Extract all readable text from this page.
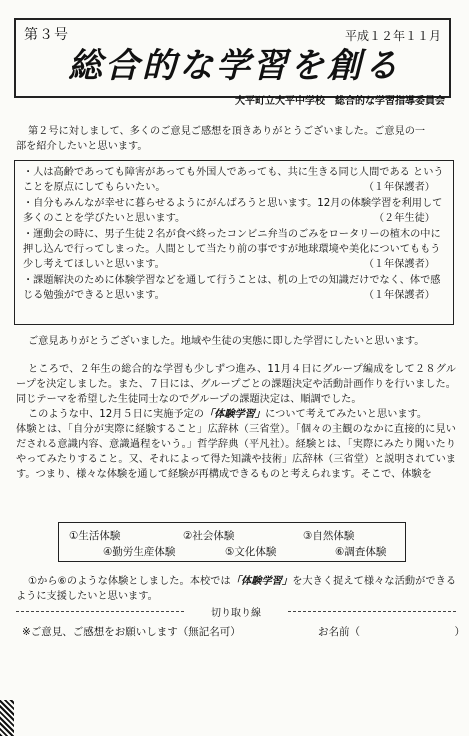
第３号	平成１２年１１月
総合的な学習を創る
大平町立大平中学校　総合的な学習指導委員会

第２号に対しまして、多くのご意見ご感想を頂きありがとうございました。ご意見の一

部を紹介したいと思います。

・人は高齢であっても障害があっても外国人であっても、共に生きる同じ人間である ということを原点にしてもらいたい。	（１年保護者）

・自分もみんなが幸せに暮らせるようにがんばろうと思います。12月の体験学習を利用して多くのことを学びたいと思います。	（２年生徒）

・運動会の時に、男子生徒２名が食べ終ったコンビニ弁当のごみをロータリーの植木の中に押し込んで行ってしまった。人間として当たり前の事ですが地球環境や美化についてももう少し考えてほしいと思います。	（１年保護者）

・課題解決のために体験学習などを通して行うことは、机の上での知識だけでなく、体で感じる勉強ができると思います。	（１年保護者）

ご意見ありがとうございました。地域や生徒の実態に即した学習にしたいと思います。

ところで、２年生の総合的な学習も少しずつ進み、11月４日にグループ編成をして２８グループを決定しました。また、７日には、グループごとの課題決定や活動計画作りを行いました。同じテーマを希望した生徒同士なのでグループの課題決定は、順調でした。

このような中、12月５日に実施予定の「体験学習」について考えてみたいと思います。

体験とは、「自分が実際に経験すること」広辞林（三省堂）。「個々の主観のなかに直接的に見いだされる意識内容、意識過程をいう。」哲学辞典（平凡社）。経験とは、「実際にみたり聞いたりやってみたりすること。又、それによって得た知識や技術」広辞林（三省堂）と説明されています。つまり、様々な体験を通して経験が再構成できるものと考えられます。そこで、体験を

①生活体験	②社会体験	③自然体験
④勤労生産体験	⑤文化体験	⑥調査体験

①から⑥のような体験としました。本校では「体験学習」を大きく捉えて様々な活動ができるように支援したいと思います。

切り取り線
※ご意見、ご感想をお願いします（無記名可）	お名前（　　　　　　　　　）
